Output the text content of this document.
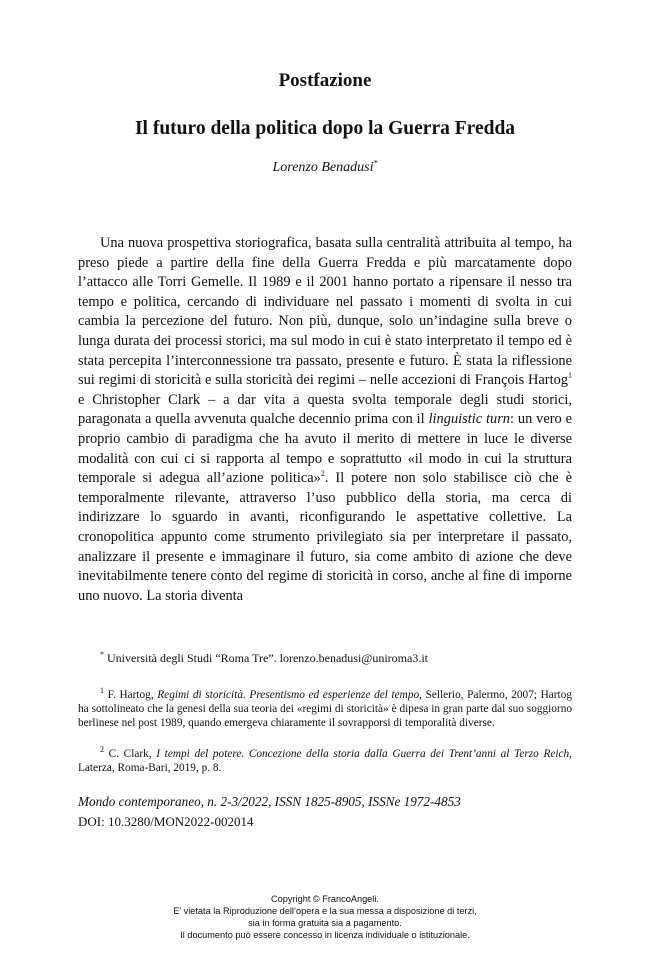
Postfazione
Il futuro della politica dopo la Guerra Fredda
Lorenzo Benadusi*

Una nuova prospettiva storiografica, basata sulla centralità attribuita al tempo, ha preso piede a partire della fine della Guerra Fredda e più marcatamente dopo l’attacco alle Torri Gemelle. Il 1989 e il 2001 hanno portato a ripensare il nesso tra tempo e politica, cercando di individuare nel passato i momenti di svolta in cui cambia la percezione del futuro. Non più, dunque, solo un’indagine sulla breve o lunga durata dei processi storici, ma sul modo in cui è stato interpretato il tempo ed è stata percepita l’interconnessione tra passato, presente e futuro. È stata la riflessione sui regimi di storicità e sulla storicità dei regimi – nelle accezioni di François Hartog$^1$ e Christopher Clark – a dar vita a questa svolta temporale degli studi storici, paragonata a quella avvenuta qualche decennio prima con il linguistic turn: un vero e proprio cambio di paradigma che ha avuto il merito di mettere in luce le diverse modalità con cui ci si rapporta al tempo e soprattutto «il modo in cui la struttura temporale si adegua all’azione politica»$^2$. Il potere non solo stabilisce ciò che è temporalmente rilevante, attraverso l’uso pubblico della storia, ma cerca di indirizzare lo sguardo in avanti, riconfigurando le aspettative collettive. La cronopolitica appunto come strumento privilegiato sia per interpretare il passato, analizzare il presente e immaginare il futuro, sia come ambito di azione che deve inevitabilmente tenere conto del regime di storicità in corso, anche al fine di imporne uno nuovo. La storia diventa

* Università degli Studi “Roma Tre”. lorenzo.benadusi@uniroma3.it

$^1$ F. Hartog, Regimi di storicità. Presentismo ed esperienze del tempo, Sellerio, Palermo, 2007; Hartog ha sottolineato che la genesi della sua teoria dei «regimi di storicità» è dipesa in gran parte dal suo soggiorno berlinese nel post 1989, quando emergeva chiaramente il sovrapporsi di temporalità diverse.

$^2$ C. Clark, I tempi del potere. Concezione della storia dalla Guerra dei Trent’anni al Terzo Reich, Laterza, Roma-Bari, 2019, p. 8.

Mondo contemporaneo, n. 2-3/2022, ISSN 1825-8905, ISSNe 1972-4853
DOI: 10.3280/MON2022-002014
Copyright © FrancoAngeli.
E’ vietata la Riproduzione dell’opera e la sua messa a disposizione di terzi,
sia in forma gratuita sia a pagamento.
Il documento può essere concesso in licenza individuale o istituzionale.
